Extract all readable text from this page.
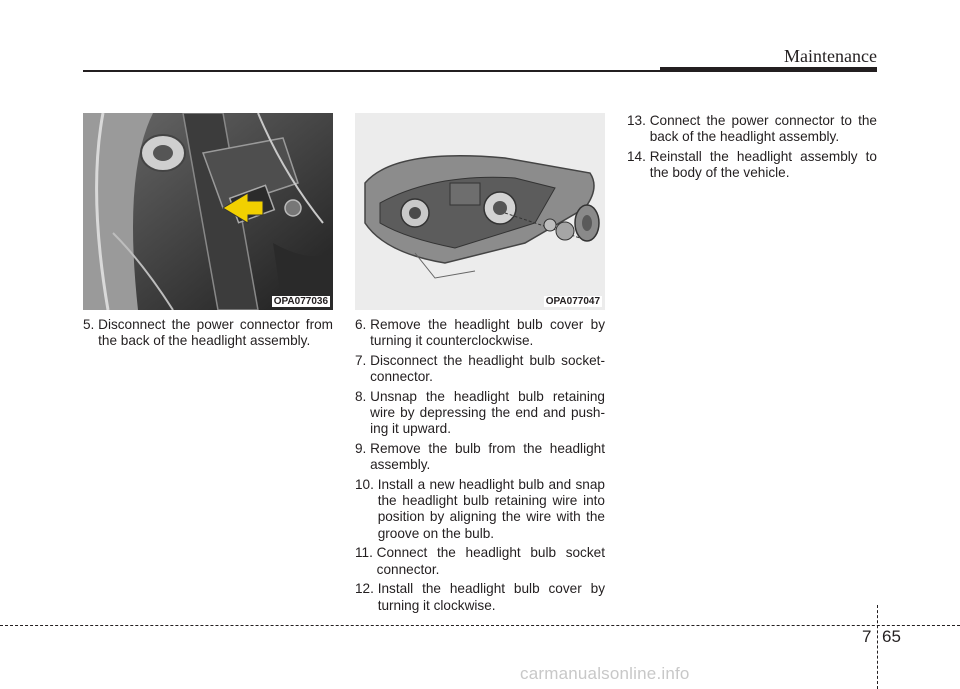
Maintenance
OPA077036	OPA077047
5.
Disconnect the power connector from the back of the headlight assembly.
6.
Remove the headlight bulb cover by turning it counterclockwise.
7.
Disconnect the headlight bulb socket-connector.
8.
Unsnap the headlight bulb retaining wire by depressing the end and push-ing it upward.
9.
Remove the bulb from the headlight assembly.
10.
Install a new headlight bulb and snap the headlight bulb retaining wire into position by aligning the wire with the groove on the bulb.
11.
Connect the headlight bulb socket connector.
12.
Install the headlight bulb cover by turning it clockwise.
13.
Connect the power connector to the back of the headlight assembly.
14.
Reinstall the headlight assembly to the body of the vehicle.
7 65
carmanualsonline.info
